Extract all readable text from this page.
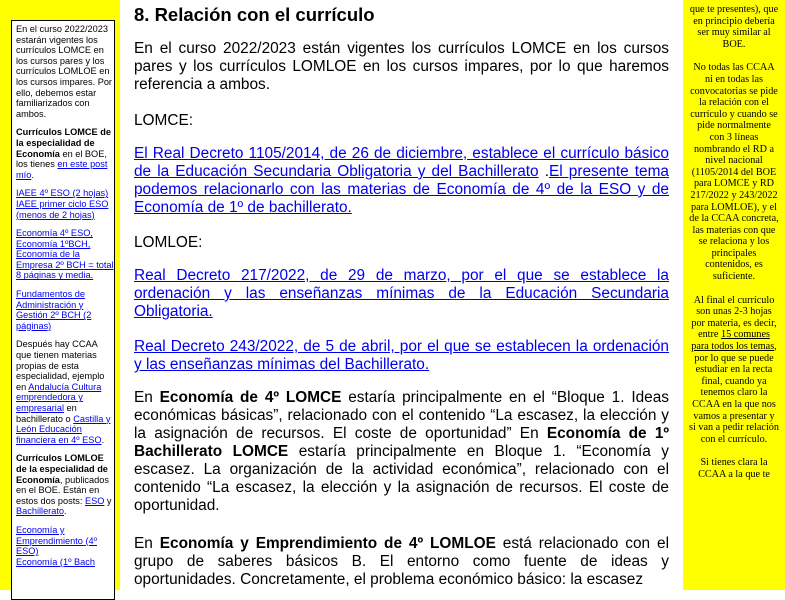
En el curso 2022/2023 estarán vigentes los currículos LOMCE en los cursos pares y los currículos LOMLOE en los cursos impares. Por ello, debemos estar familiarizados con ambos.

Currículos LOMCE de la especialidad de Economía en el BOE, los tienes en este post mío.

IAEE 4º ESO (2 hojas)
IAEE primer ciclo ESO (menos de 2 hojas)

Economía 4º ESO, Economía 1ºBCH, Economía de la Empresa 2º BCH = total 8 páginas y media.

Fundamentos de Administración y Gestión 2º BCH (2 páginas)

Después hay CCAA que tienen materias propias de esta especialidad, ejemplo en Andalucía Cultura emprendedora y empresarial en bachillerato o Castilla y León Educación financiera en 4º ESO.

Currículos LOMLOE de la especialidad de Economía, publicados en el BOE. Están en estos dos posts: ESO y Bachillerato.

Economía y Emprendimiento (4º ESO)
Economía (1º Bach

8. Relación con el currículo

En el curso 2022/2023 están vigentes los currículos LOMCE en los cursos pares y los currículos LOMLOE en los cursos impares, por lo que haremos referencia a ambos.

LOMCE:

El Real Decreto 1105/2014, de 26 de diciembre, establece el currículo básico de la Educación Secundaria Obligatoria y del Bachillerato .El presente tema podemos relacionarlo con las materias de Economía de 4º de la ESO y de Economía de 1º de bachillerato.

LOMLOE:

Real Decreto 217/2022, de 29 de marzo, por el que se establece la ordenación y las enseñanzas mínimas de la Educación Secundaria Obligatoria.

Real Decreto 243/2022, de 5 de abril, por el que se establecen la ordenación y las enseñanzas mínimas del Bachillerato.

En Economía de 4º LOMCE estaría principalmente en el “Bloque 1. Ideas económicas básicas”, relacionado con el contenido “La escasez, la elección y la asignación de recursos. El coste de oportunidad” En Economía de 1º Bachillerato LOMCE estaría principalmente en Bloque 1. “Economía y escasez. La organización de la actividad económica”, relacionado con el contenido “La escasez, la elección y la asignación de recursos. El coste de oportunidad.

En Economía y Emprendimiento de 4º LOMLOE está relacionado con el grupo de saberes básicos B. El entorno como fuente de ideas y oportunidades. Concretamente, el problema económico básico: la escasez

que te presentes), que en principio debería ser muy similar al BOE.

No todas las CCAA ni en todas las convocatorias se pide la relación con el currículo y cuando se pide normalmente con 3 líneas nombrando el RD a nivel nacional (1105/2014 del BOE para LOMCE y RD 217/2022 y 243/2022 para LOMLOE), y el de la CCAA concreta, las materias con que se relaciona y los principales contenidos, es suficiente.

Al final el currículo son unas 2-3 hojas por materia, es decir, entre 15 comunes para todos los temas, por lo que se puede estudiar en la recta final, cuando ya tenemos claro la CCAA en la que nos vamos a presentar y si van a pedir relación con el currículo.

Si tienes clara la CCAA a la que te
